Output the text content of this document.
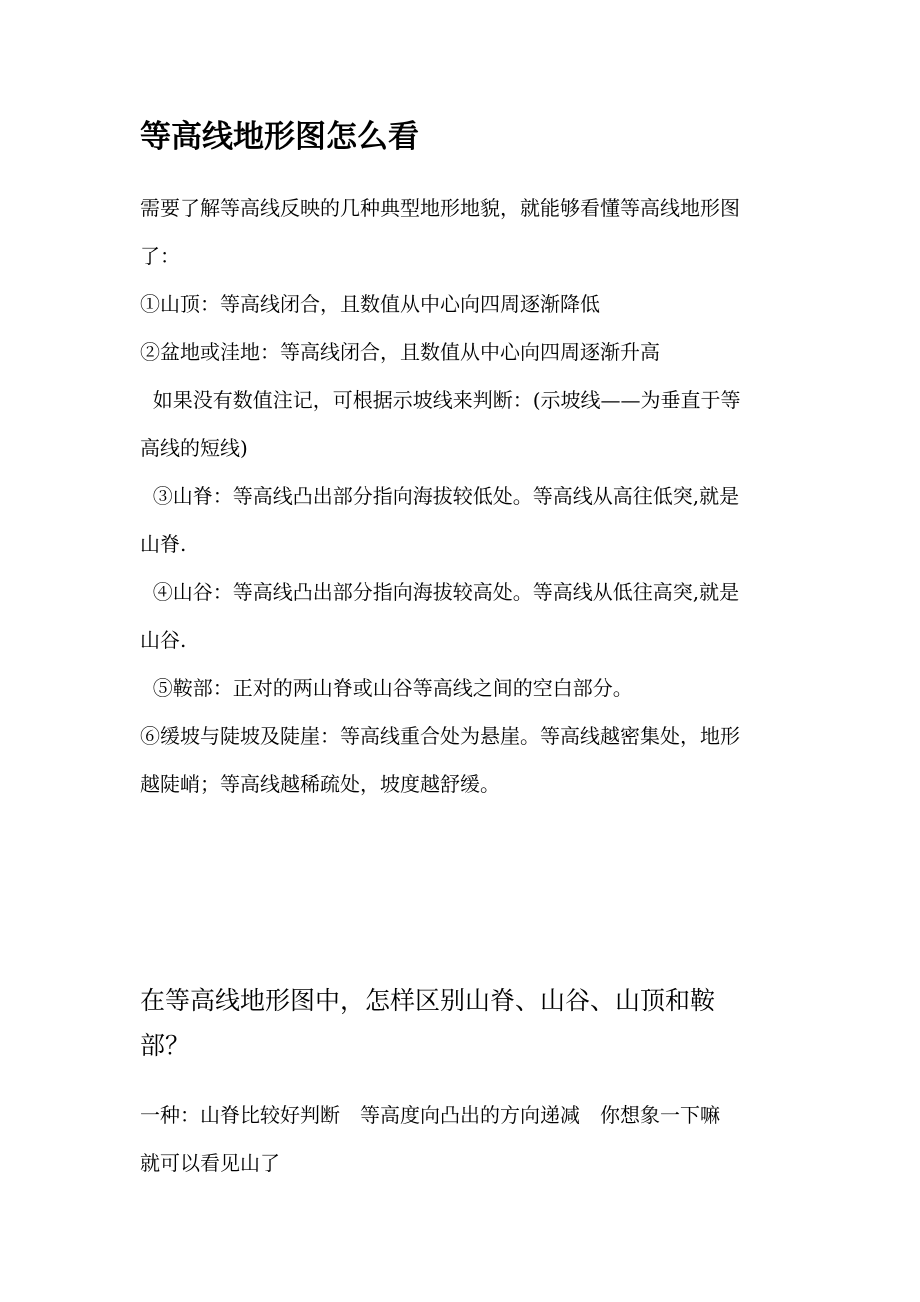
等高线地形图怎么看
需要了解等高线反映的几种典型地形地貌，就能够看懂等高线地形图
了：
①山顶：等高线闭合，且数值从中心向四周逐渐降低
②盆地或洼地：等高线闭合，且数值从中心向四周逐渐升高
如果没有数值注记，可根据示坡线来判断：(示坡线——为垂直于等
高线的短线)
③山脊：等高线凸出部分指向海拔较低处。等高线从高往低突,就是
山脊.
④山谷：等高线凸出部分指向海拔较高处。等高线从低往高突,就是
山谷.
⑤鞍部：正对的两山脊或山谷等高线之间的空白部分。
⑥缓坡与陡坡及陡崖：等高线重合处为悬崖。等高线越密集处，地形
越陡峭；等高线越稀疏处，坡度越舒缓。
在等高线地形图中，怎样区别山脊、山谷、山顶和鞍
部？
一种：山脊比较好判断　等高度向凸出的方向递减　你想象一下嘛
就可以看见山了
